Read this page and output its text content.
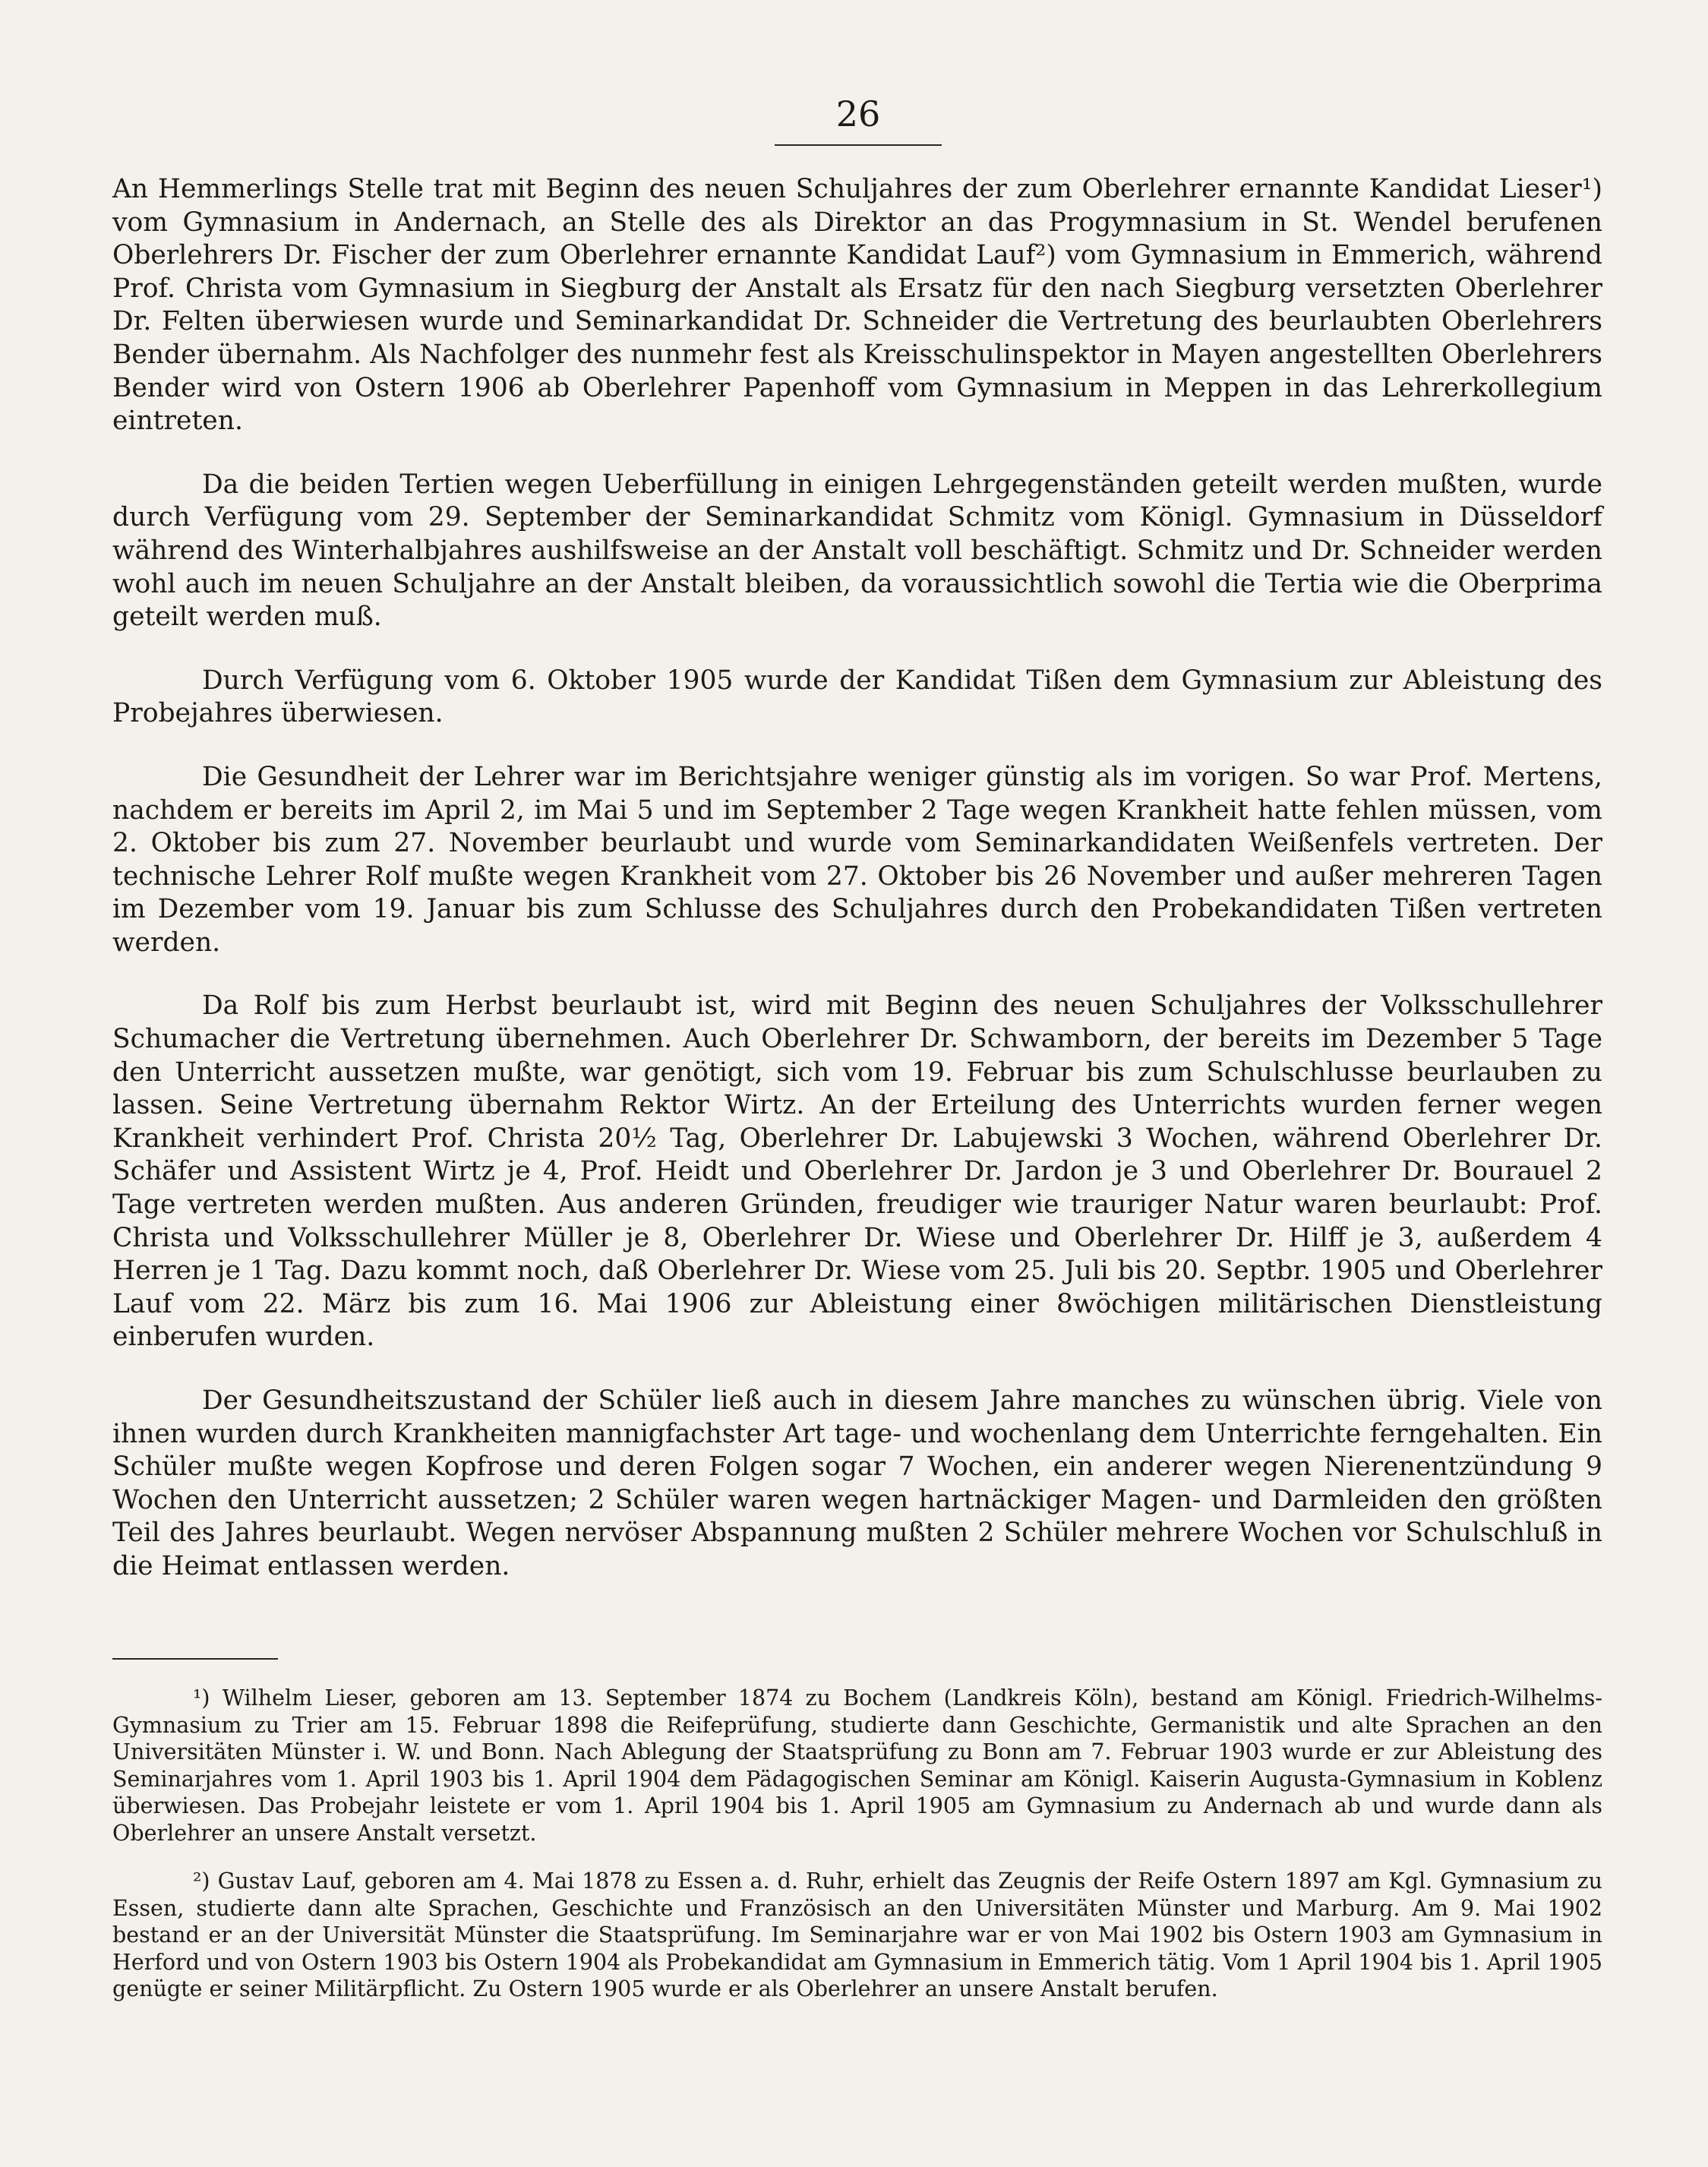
26

An Hemmerlings Stelle trat mit Beginn des neuen Schuljahres der zum Oberlehrer ernannte Kandidat Lieser¹) vom Gymnasium in Andernach, an Stelle des als Direktor an das Progymnasium in St. Wendel berufenen Oberlehrers Dr. Fischer der zum Oberlehrer ernannte Kandidat Lauf²) vom Gymnasium in Emmerich, während Prof. Christa vom Gymnasium in Siegburg der Anstalt als Ersatz für den nach Siegburg versetzten Oberlehrer Dr. Felten überwiesen wurde und Seminarkandidat Dr. Schneider die Vertretung des beurlaubten Oberlehrers Bender übernahm. Als Nachfolger des nunmehr fest als Kreisschulinspektor in Mayen angestellten Oberlehrers Bender wird von Ostern 1906 ab Oberlehrer Papenhoff vom Gymnasium in Meppen in das Lehrerkollegium eintreten.

Da die beiden Tertien wegen Ueberfüllung in einigen Lehrgegenständen geteilt werden mußten, wurde durch Verfügung vom 29. September der Seminarkandidat Schmitz vom Königl. Gymnasium in Düsseldorf während des Winterhalbjahres aushilfsweise an der Anstalt voll beschäftigt. Schmitz und Dr. Schneider werden wohl auch im neuen Schuljahre an der Anstalt bleiben, da voraussichtlich sowohl die Tertia wie die Oberprima geteilt werden muß.

Durch Verfügung vom 6. Oktober 1905 wurde der Kandidat Tißen dem Gymnasium zur Ableistung des Probejahres überwiesen.

Die Gesundheit der Lehrer war im Berichtsjahre weniger günstig als im vorigen. So war Prof. Mertens, nachdem er bereits im April 2, im Mai 5 und im September 2 Tage wegen Krankheit hatte fehlen müssen, vom 2. Oktober bis zum 27. November beurlaubt und wurde vom Seminarkandidaten Weißenfels vertreten. Der technische Lehrer Rolf mußte wegen Krankheit vom 27. Oktober bis 26 November und außer mehreren Tagen im Dezember vom 19. Januar bis zum Schlusse des Schuljahres durch den Probekandidaten Tißen vertreten werden.

Da Rolf bis zum Herbst beurlaubt ist, wird mit Beginn des neuen Schuljahres der Volksschullehrer Schumacher die Vertretung übernehmen. Auch Oberlehrer Dr. Schwamborn, der bereits im Dezember 5 Tage den Unterricht aussetzen mußte, war genötigt, sich vom 19. Februar bis zum Schulschlusse beurlauben zu lassen. Seine Vertretung übernahm Rektor Wirtz. An der Erteilung des Unterrichts wurden ferner wegen Krankheit verhindert Prof. Christa 20½ Tag, Oberlehrer Dr. Labujewski 3 Wochen, während Oberlehrer Dr. Schäfer und Assistent Wirtz je 4, Prof. Heidt und Oberlehrer Dr. Jardon je 3 und Oberlehrer Dr. Bourauel 2 Tage vertreten werden mußten. Aus anderen Gründen, freudiger wie trauriger Natur waren beurlaubt: Prof. Christa und Volksschullehrer Müller je 8, Oberlehrer Dr. Wiese und Oberlehrer Dr. Hilff je 3, außerdem 4 Herren je 1 Tag. Dazu kommt noch, daß Oberlehrer Dr. Wiese vom 25. Juli bis 20. Septbr. 1905 und Oberlehrer Lauf vom 22. März bis zum 16. Mai 1906 zur Ableistung einer 8wöchigen militärischen Dienstleistung einberufen wurden.

Der Gesundheitszustand der Schüler ließ auch in diesem Jahre manches zu wünschen übrig. Viele von ihnen wurden durch Krankheiten mannigfachster Art tage- und wochenlang dem Unterrichte ferngehalten. Ein Schüler mußte wegen Kopfrose und deren Folgen sogar 7 Wochen, ein anderer wegen Nierenentzündung 9 Wochen den Unterricht aussetzen; 2 Schüler waren wegen hartnäckiger Magen- und Darmleiden den größten Teil des Jahres beurlaubt. Wegen nervöser Abspannung mußten 2 Schüler mehrere Wochen vor Schulschluß in die Heimat entlassen werden.

¹) Wilhelm Lieser, geboren am 13. September 1874 zu Bochem (Landkreis Köln), bestand am Königl. Friedrich-Wilhelms-Gymnasium zu Trier am 15. Februar 1898 die Reifeprüfung, studierte dann Geschichte, Germanistik und alte Sprachen an den Universitäten Münster i. W. und Bonn. Nach Ablegung der Staatsprüfung zu Bonn am 7. Februar 1903 wurde er zur Ableistung des Seminarjahres vom 1. April 1903 bis 1. April 1904 dem Pädagogischen Seminar am Königl. Kaiserin Augusta-Gymnasium in Koblenz überwiesen. Das Probejahr leistete er vom 1. April 1904 bis 1. April 1905 am Gymnasium zu Andernach ab und wurde dann als Oberlehrer an unsere Anstalt versetzt.

²) Gustav Lauf, geboren am 4. Mai 1878 zu Essen a. d. Ruhr, erhielt das Zeugnis der Reife Ostern 1897 am Kgl. Gymnasium zu Essen, studierte dann alte Sprachen, Geschichte und Französisch an den Universitäten Münster und Marburg. Am 9. Mai 1902 bestand er an der Universität Münster die Staatsprüfung. Im Seminarjahre war er von Mai 1902 bis Ostern 1903 am Gymnasium in Herford und von Ostern 1903 bis Ostern 1904 als Probekandidat am Gymnasium in Emmerich tätig. Vom 1 April 1904 bis 1. April 1905 genügte er seiner Militärpflicht. Zu Ostern 1905 wurde er als Oberlehrer an unsere Anstalt berufen.
